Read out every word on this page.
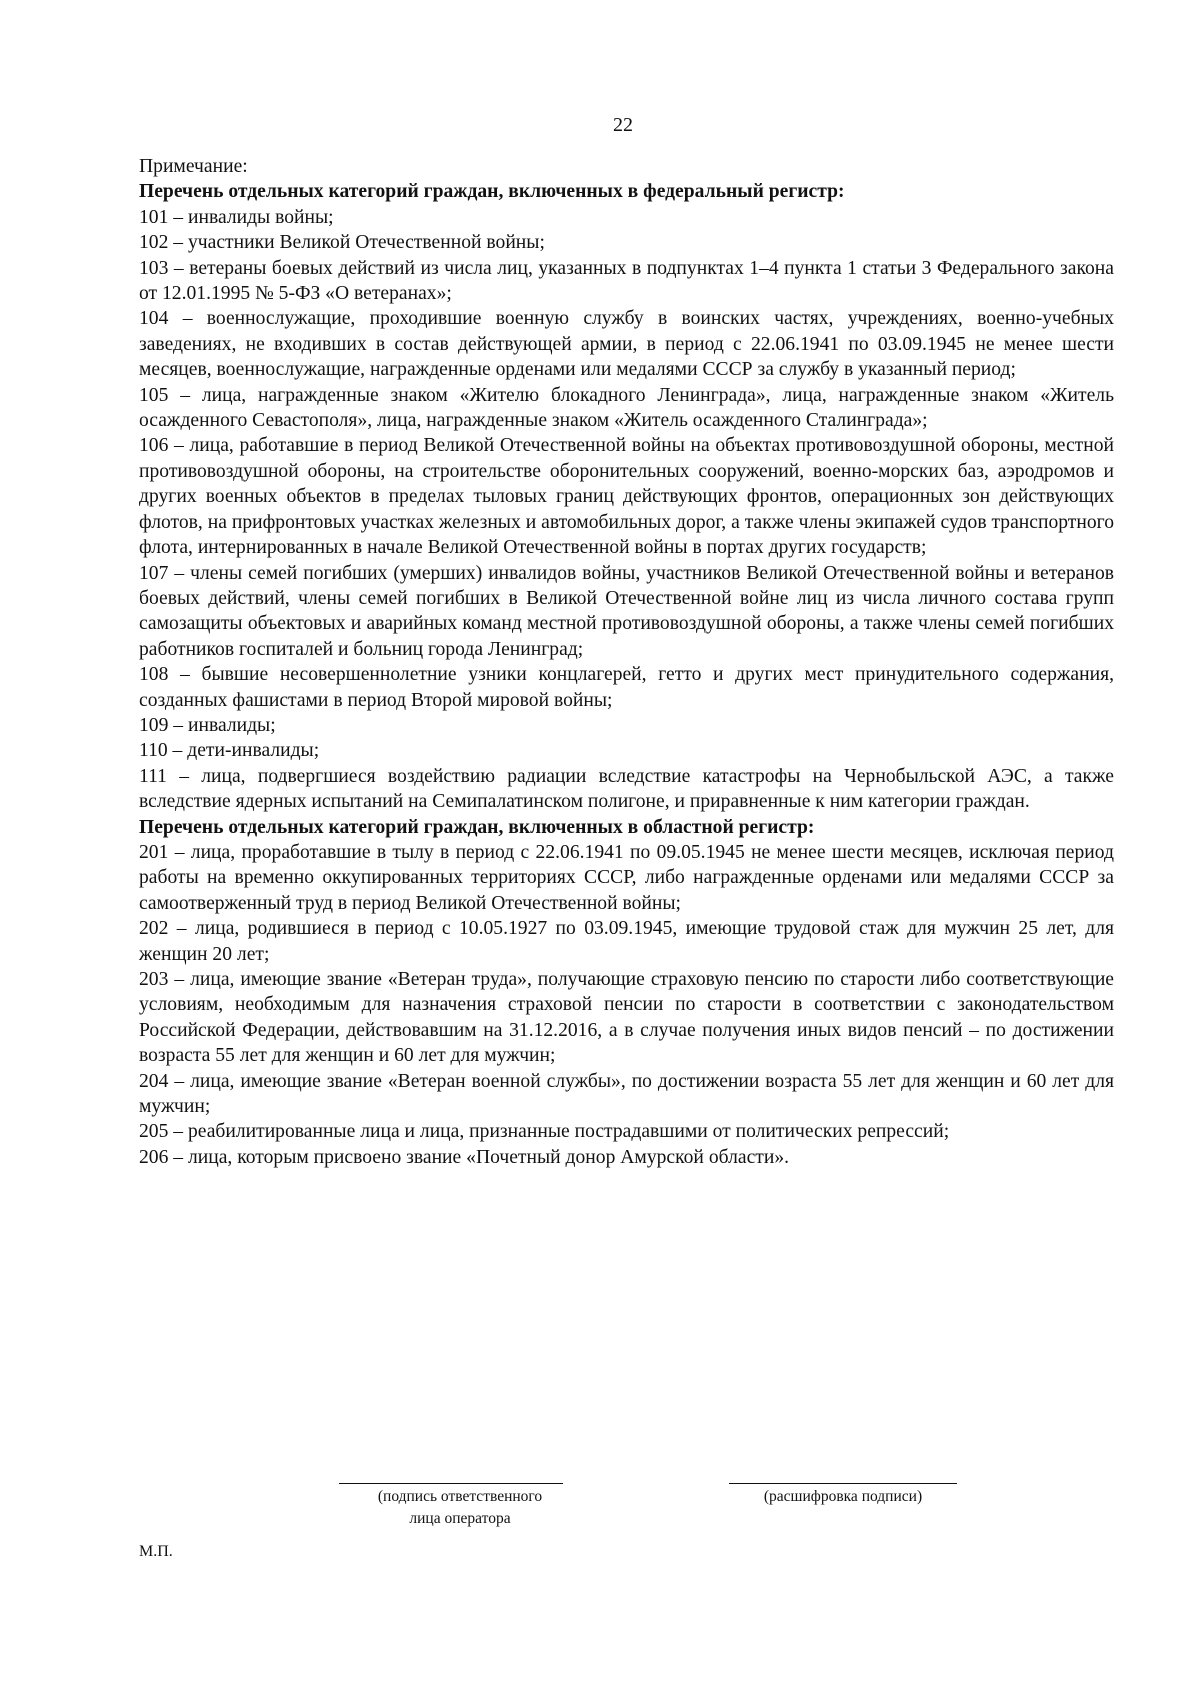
22

Примечание:

Перечень отдельных категорий граждан, включенных в федеральный регистр:

101 – инвалиды войны;

102 – участники Великой Отечественной войны;

103 – ветераны боевых действий из числа лиц, указанных в подпунктах 1–4 пункта 1 статьи 3 Федерального закона от 12.01.1995 № 5-ФЗ «О ветеранах»;

104 – военнослужащие, проходившие военную службу в воинских частях, учреждениях, военно-учебных заведениях, не входивших в состав действующей армии, в период с 22.06.1941 по 03.09.1945 не менее шести месяцев, военнослужащие, награжденные орденами или медалями СССР за службу в указанный период;

105 – лица, награжденные знаком «Жителю блокадного Ленинграда», лица, награжденные знаком «Житель осажденного Севастополя», лица, награжденные знаком «Житель осажденного Сталинграда»;

106 – лица, работавшие в период Великой Отечественной войны на объектах противовоздушной обороны, местной противовоздушной обороны, на строительстве оборонительных сооружений, военно-морских баз, аэродромов и других военных объектов в пределах тыловых границ действующих фронтов, операционных зон действующих флотов, на прифронтовых участках железных и автомобильных дорог, а также члены экипажей судов транспортного флота, интернированных в начале Великой Отечественной войны в портах других государств;

107 – члены семей погибших (умерших) инвалидов войны, участников Великой Отечественной войны и ветеранов боевых действий, члены семей погибших в Великой Отечественной войне лиц из числа личного состава групп самозащиты объектовых и аварийных команд местной противовоздушной обороны, а также члены семей погибших работников госпиталей и больниц города Ленинград;

108 – бывшие несовершеннолетние узники концлагерей, гетто и других мест принудительного содержания, созданных фашистами в период Второй мировой войны;

109 – инвалиды;

110 – дети-инвалиды;

111 – лица, подвергшиеся воздействию радиации вследствие катастрофы на Чернобыльской АЭС, а также вследствие ядерных испытаний на Семипалатинском полигоне, и приравненные к ним категории граждан.

Перечень отдельных категорий граждан, включенных в областной регистр:

201 – лица, проработавшие в тылу в период с 22.06.1941 по 09.05.1945 не менее шести месяцев, исключая период работы на временно оккупированных территориях СССР, либо награжденные орденами или медалями СССР за самоотверженный труд в период Великой Отечественной войны;

202 – лица, родившиеся в период с 10.05.1927 по 03.09.1945, имеющие трудовой стаж для мужчин 25 лет, для женщин 20 лет;

203 – лица, имеющие звание «Ветеран труда», получающие страховую пенсию по старости либо соответствующие условиям, необходимым для назначения страховой пенсии по старости в соответствии с законодательством Российской Федерации, действовавшим на 31.12.2016, а в случае получения иных видов пенсий – по достижении возраста 55 лет для женщин и 60 лет для мужчин;

204 – лица, имеющие звание «Ветеран военной службы», по достижении возраста 55 лет для женщин и 60 лет для мужчин;

205 – реабилитированные лица и лица, признанные пострадавшими от политических репрессий;

206 – лица, которым присвоено звание «Почетный донор Амурской области».

(подпись ответственного
лица оператора
(расшифровка подписи)
М.П.
